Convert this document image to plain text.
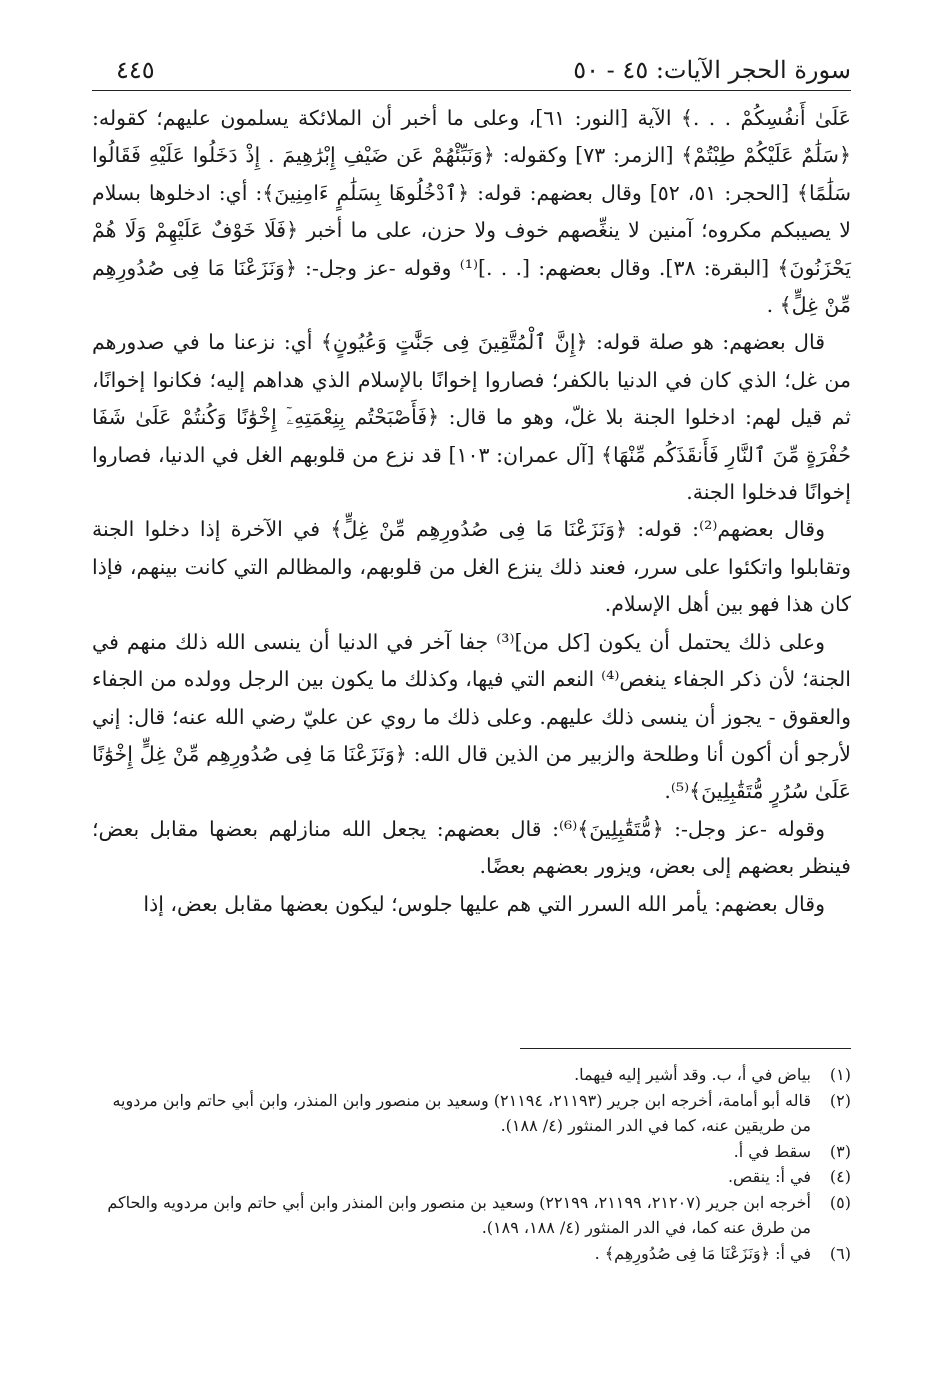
سورة الحجر الآيات: ٤٥ - ٥٠
٤٤٥

عَلَىٰ أَنفُسِكُمْ . . .﴾ الآية [النور: ٦١]، وعلى ما أخبر أن الملائكة يسلمون عليهم؛ كقوله: ﴿سَلَٰمٌ عَلَيْكُمْ طِبْتُمْ﴾ [الزمر: ٧٣] وكقوله: ﴿وَنَبِّئْهُمْ عَن ضَيْفِ إِبْرَٰهِيمَ . إِذْ دَخَلُوا عَلَيْهِ فَقَالُوا سَلَٰمًا﴾ [الحجر: ٥١، ٥٢] وقال بعضهم: قوله: ﴿ٱدْخُلُوهَا بِسَلَٰمٍ ءَامِنِينَ﴾: أي: ادخلوها بسلام لا يصيبكم مكروه؛ آمنين لا ينغِّصهم خوف ولا حزن، على ما أخبر ﴿فَلَا خَوْفٌ عَلَيْهِمْ وَلَا هُمْ يَحْزَنُونَ﴾ [البقرة: ٣٨]. وقال بعضهم: [. . .]⁽¹⁾ وقوله -عز وجل-: ﴿وَنَزَعْنَا مَا فِى صُدُورِهِم مِّنْ غِلٍّ﴾ .

قال بعضهم: هو صلة قوله: ﴿إِنَّ ٱلْمُتَّقِينَ فِى جَنَّٰتٍ وَعُيُونٍ﴾ أي: نزعنا ما في صدورهم من غل؛ الذي كان في الدنيا بالكفر؛ فصاروا إخوانًا بالإسلام الذي هداهم إليه؛ فكانوا إخوانًا، ثم قيل لهم: ادخلوا الجنة بلا غلّ، وهو ما قال: ﴿فَأَصْبَحْتُم بِنِعْمَتِهِۦٓ إِخْوَٰنًا وَكُنتُمْ عَلَىٰ شَفَا حُفْرَةٍ مِّنَ ٱلنَّارِ فَأَنقَذَكُم مِّنْهَا﴾ [آل عمران: ١٠٣] قد نزع من قلوبهم الغل في الدنيا، فصاروا إخوانًا فدخلوا الجنة.

وقال بعضهم⁽²⁾: قوله: ﴿وَنَزَعْنَا مَا فِى صُدُورِهِم مِّنْ غِلٍّ﴾ في الآخرة إذا دخلوا الجنة وتقابلوا واتكئوا على سرر، فعند ذلك ينزع الغل من قلوبهم، والمظالم التي كانت بينهم، فإذا كان هذا فهو بين أهل الإسلام.

وعلى ذلك يحتمل أن يكون [كل من]⁽³⁾ جفا آخر في الدنيا أن ينسى الله ذلك منهم في الجنة؛ لأن ذكر الجفاء ينغص⁽⁴⁾ النعم التي فيها، وكذلك ما يكون بين الرجل وولده من الجفاء والعقوق - يجوز أن ينسى ذلك عليهم. وعلى ذلك ما روي عن عليّ رضي الله عنه؛ قال: إني لأرجو أن أكون أنا وطلحة والزبير من الذين قال الله: ﴿وَنَزَعْنَا مَا فِى صُدُورِهِم مِّنْ غِلٍّ إِخْوَٰنًا عَلَىٰ سُرُرٍ مُّتَقَٰبِلِينَ﴾⁽⁵⁾.

وقوله -عز وجل-: ﴿مُّتَقَٰبِلِينَ﴾⁽⁶⁾: قال بعضهم: يجعل الله منازلهم بعضها مقابل بعض؛ فينظر بعضهم إلى بعض، ويزور بعضهم بعضًا.

وقال بعضهم: يأمر الله السرر التي هم عليها جلوس؛ ليكون بعضها مقابل بعض، إذا

(١)
بياض في أ، ب. وقد أشير إليه فيهما.
(٢)
قاله أبو أمامة، أخرجه ابن جرير (٢١١٩٣، ٢١١٩٤) وسعيد بن منصور وابن المنذر، وابن أبي حاتم وابن مردويه من طريقين عنه، كما في الدر المنثور (٤/ ١٨٨).
(٣)
سقط في أ.
(٤)
في أ: ينقص.
(٥)
أخرجه ابن جرير (٢١٢٠٧، ٢١١٩٩، ٢٢١٩٩) وسعيد بن منصور وابن المنذر وابن أبي حاتم وابن مردويه والحاكم من طرق عنه كما، في الدر المنثور (٤/ ١٨٨، ١٨٩).
(٦)
في أ: ﴿وَنَزَعْنَا مَا فِى صُدُورِهِم﴾ .
